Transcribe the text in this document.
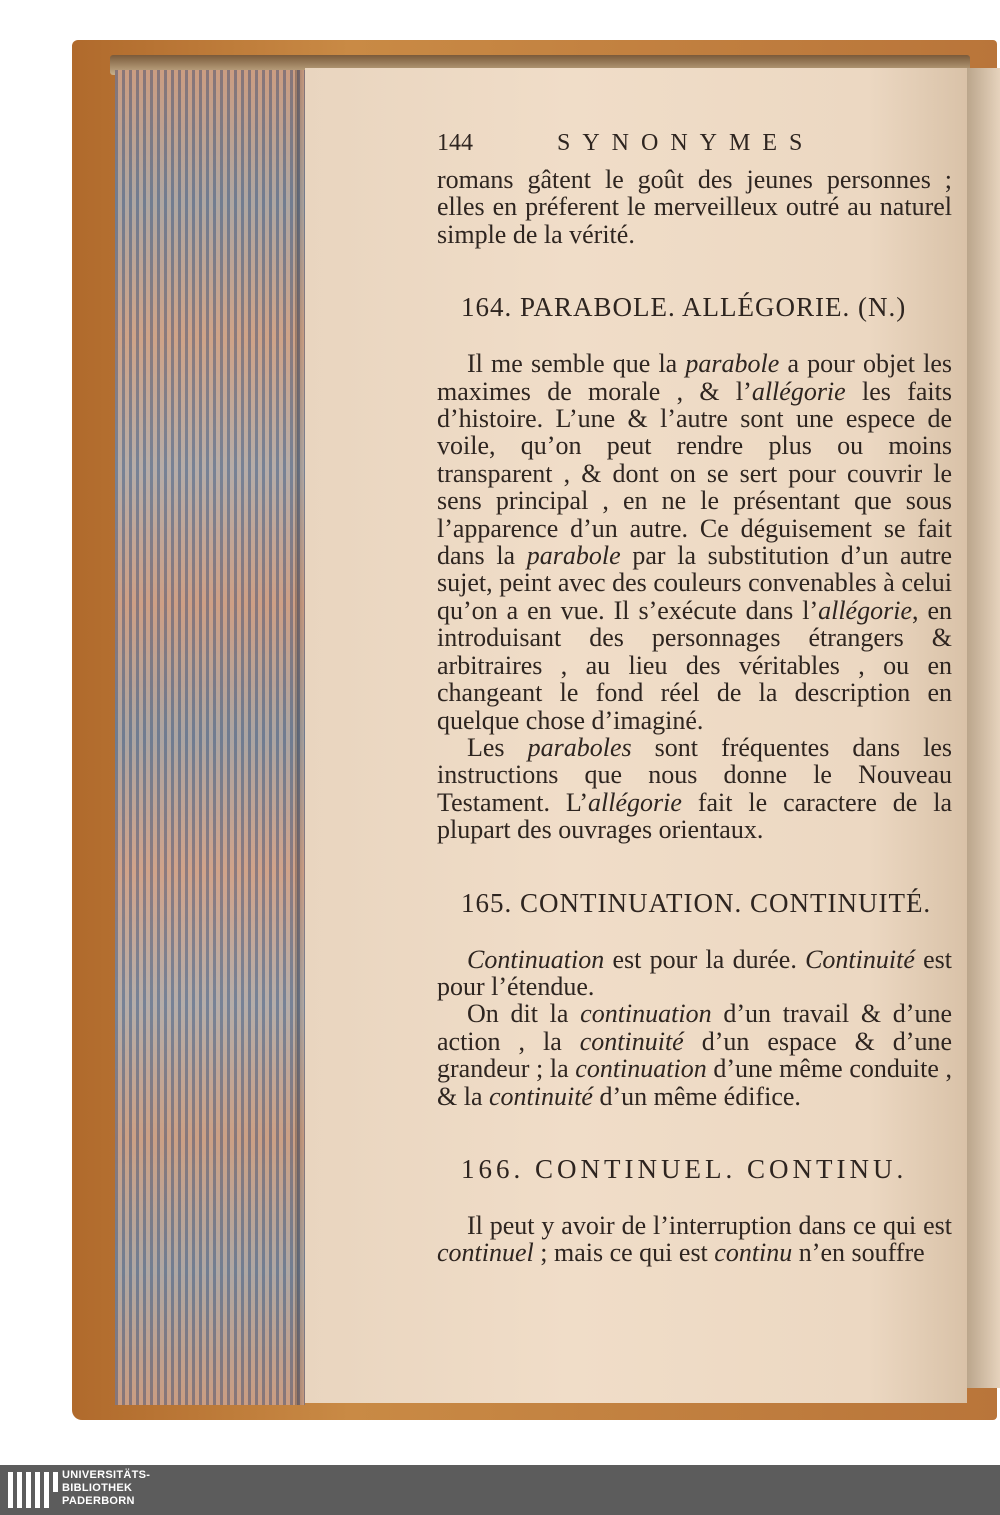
144	SYNONYMES

romans gâtent le goût des jeunes personnes ; elles en préferent le merveilleux outré au naturel simple de la vérité.

164. PARABOLE. ALLÉGORIE. (N.)

Il me semble que la parabole a pour objet les maximes de morale , & l’allégorie les faits d’histoire. L’une & l’autre sont une espece de voile, qu’on peut rendre plus ou moins transparent , & dont on se sert pour couvrir le sens principal , en ne le présentant que sous l’apparence d’un autre. Ce déguisement se fait dans la parabole par la substitution d’un autre sujet, peint avec des couleurs convenables à celui qu’on a en vue. Il s’exécute dans l’allégorie, en introduisant des personnages étrangers & arbitraires , au lieu des véritables , ou en changeant le fond réel de la description en quelque chose d’imaginé.

Les paraboles sont fréquentes dans les instructions que nous donne le Nouveau Testament. L’allégorie fait le caractere de la plupart des ouvrages orientaux.

165. CONTINUATION. CONTINUITÉ.

Continuation est pour la durée. Continuité est pour l’étendue.

On dit la continuation d’un travail & d’une action , la continuité d’un espace & d’une grandeur ; la continuation d’une même conduite , & la continuité d’un même édifice.

166. CONTINUEL. CONTINU.

Il peut y avoir de l’interruption dans ce qui est continuel ; mais ce qui est continu n’en souffre

UNIVERSITÄTS-
BIBLIOTHEK
PADERBORN
